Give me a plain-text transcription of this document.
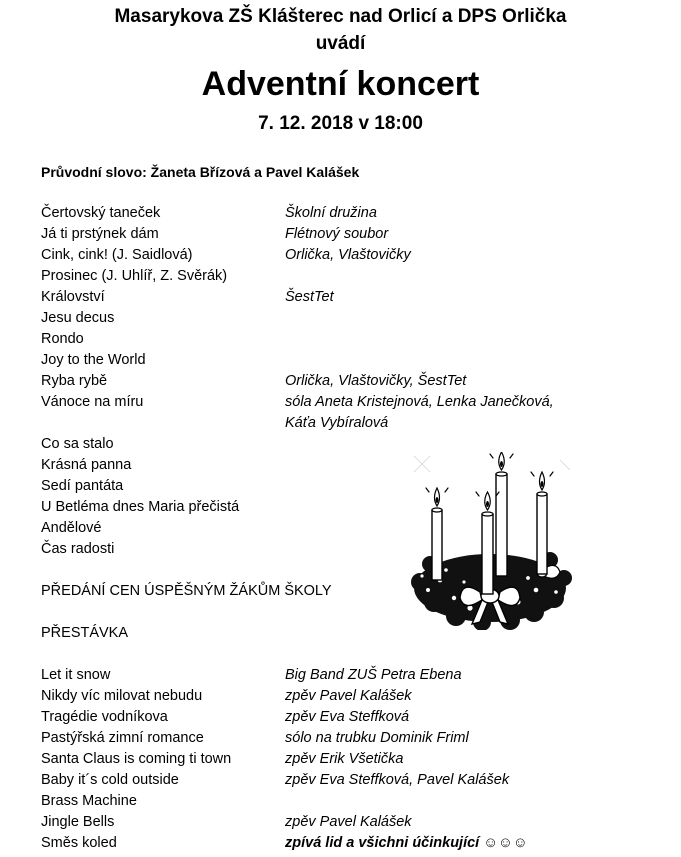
Masarykova ZŠ Klášterec nad Orlicí a DPS Orlička
uvádí
Adventní koncert
7. 12. 2018 v 18:00
Průvodní slovo: Žaneta Břízová a Pavel Kalášek
Čertovský taneček	Školní družina
Já ti prstýnek dám	Flétnový soubor
Cink, cink! (J. Saidlová)	Orlička, Vlaštovičky
Prosinec (J. Uhlíř, Z. Svěrák)
Království	ŠestTet
Jesu decus
Rondo
Joy to the World
Ryba rybě	Orlička, Vlaštovičky, ŠestTet
Vánoce na míru	sóla Aneta Kristejnová, Lenka Janečková,
Káťa Vybíralová
Co sa stalo
Krásná panna
Sedí pantáta
U Betléma dnes Maria přečistá
Andělové
Čas radosti
PŘEDÁNÍ CEN ÚSPĚŠNÝM ŽÁKŮM ŠKOLY
PŘESTÁVKA
Let it snow	Big Band ZUŠ Petra Ebena
Nikdy víc milovat nebudu	zpěv Pavel Kalášek
Tragédie vodníkova	zpěv Eva Steffková
Pastýřská zimní romance	sólo na trubku Dominik Friml
Santa Claus is coming ti town	zpěv Erik Všetička
Baby it´s cold outside	zpěv Eva Steffková, Pavel Kalášek
Brass Machine
Jingle Bells	zpěv Pavel Kalášek
Směs koled	zpívá lid a všichni účinkující ☺☺☺
